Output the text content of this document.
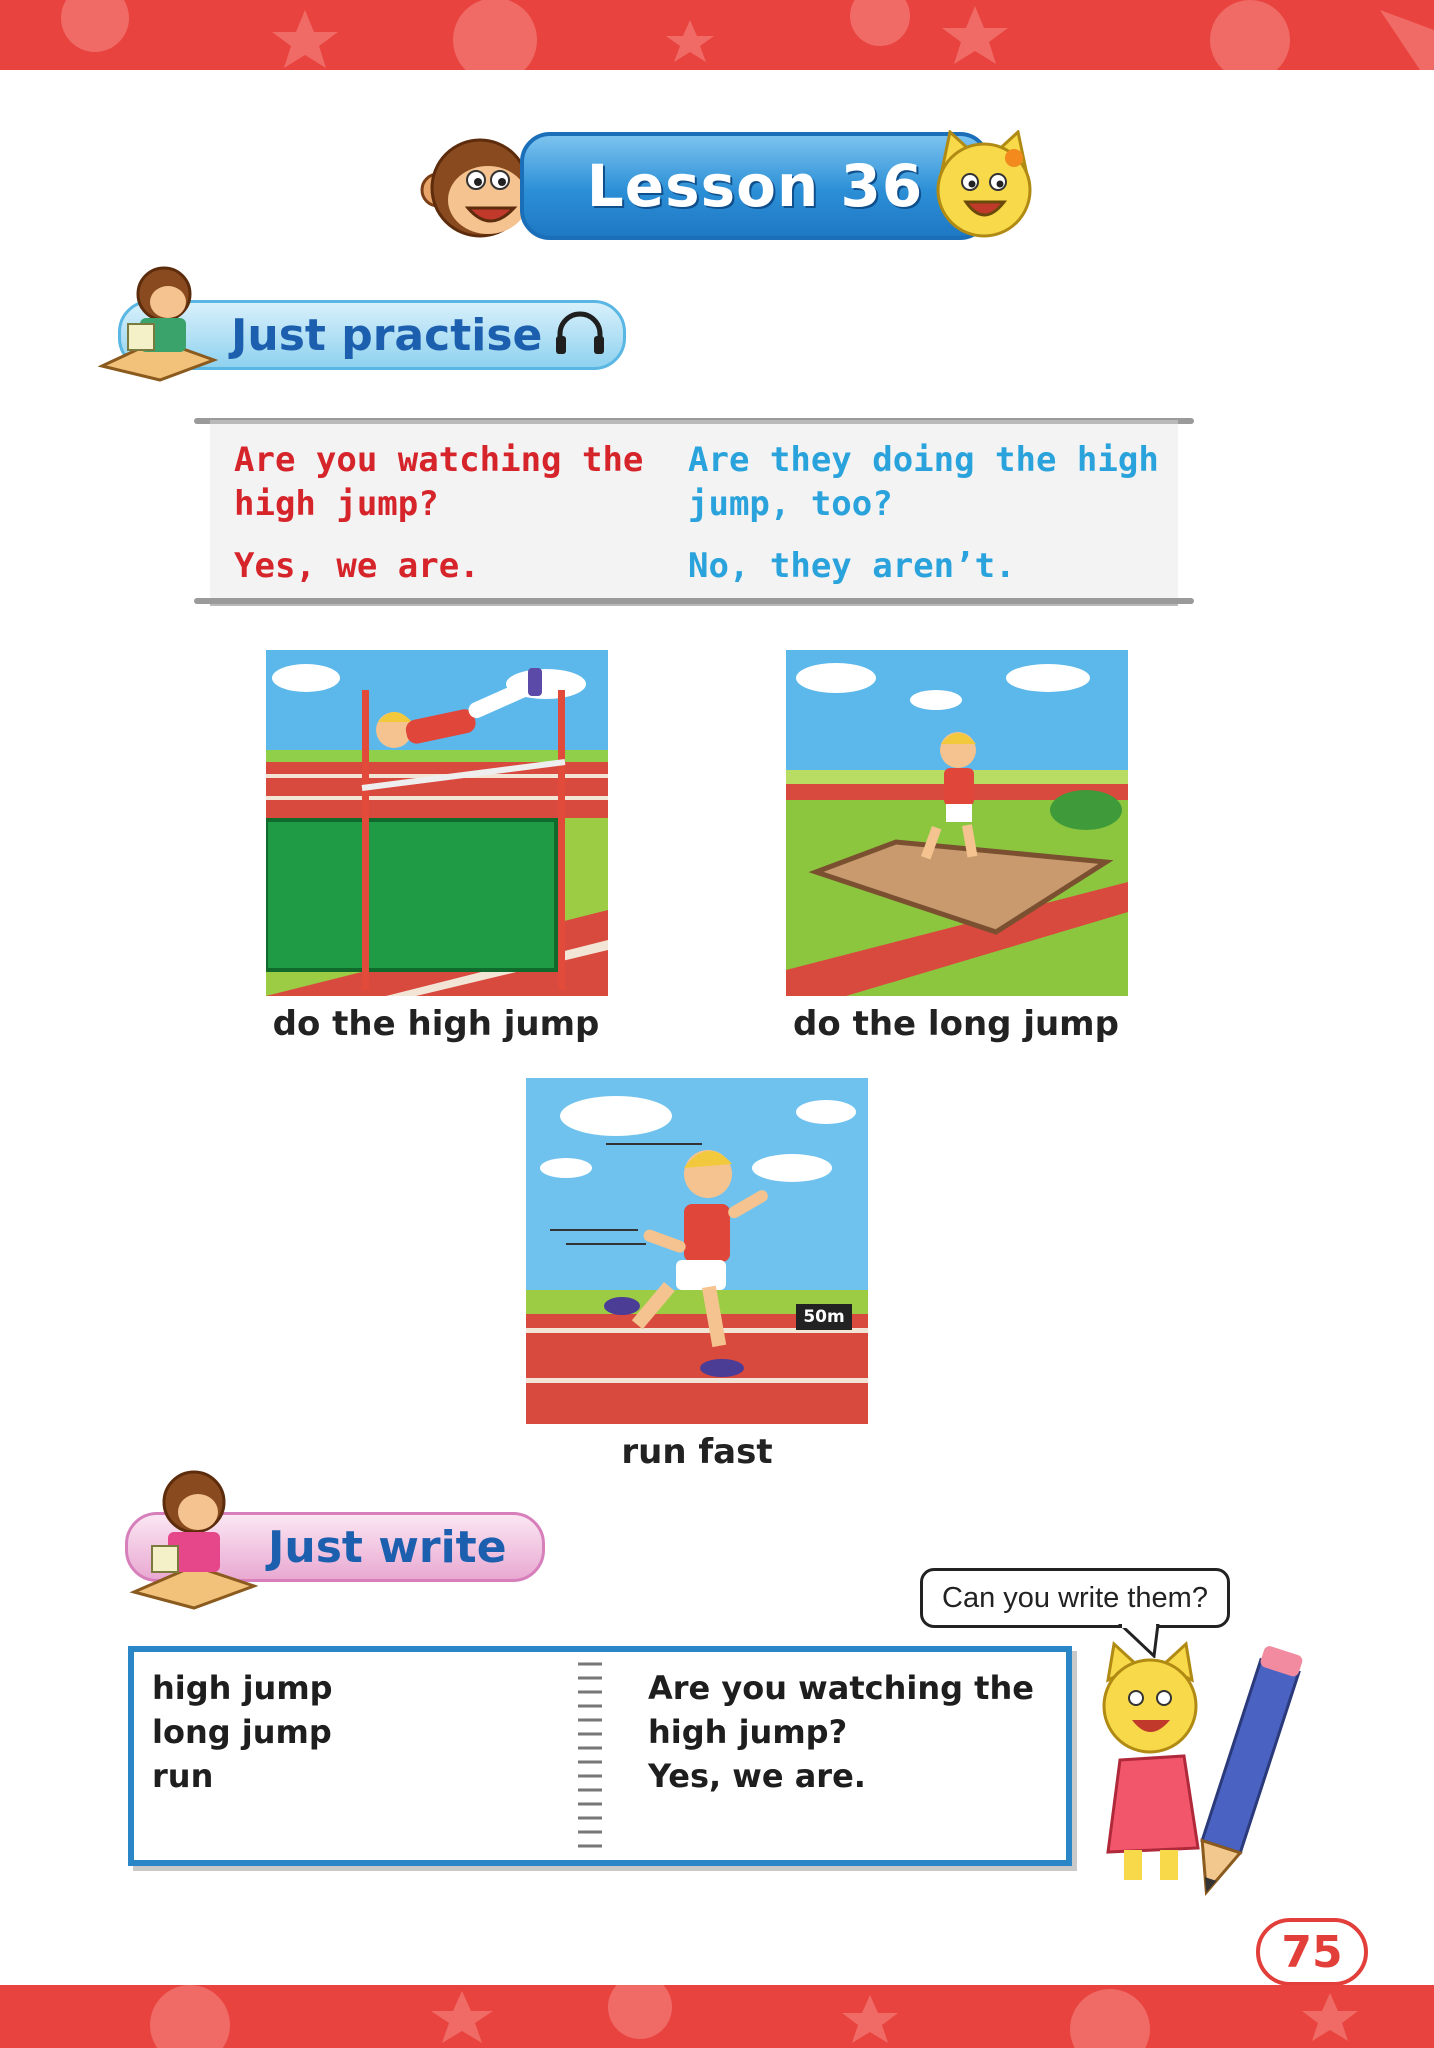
Lesson 36
Just practise
Are you watching the
high jump?
Yes, we are.
Are they doing the high
jump, too?
No, they aren’t.
do the high jump	do the long jump
50m
run fast
Just write
Can you write them?
high jump
long jump
run
Are you watching the
high jump?
Yes, we are.
75
